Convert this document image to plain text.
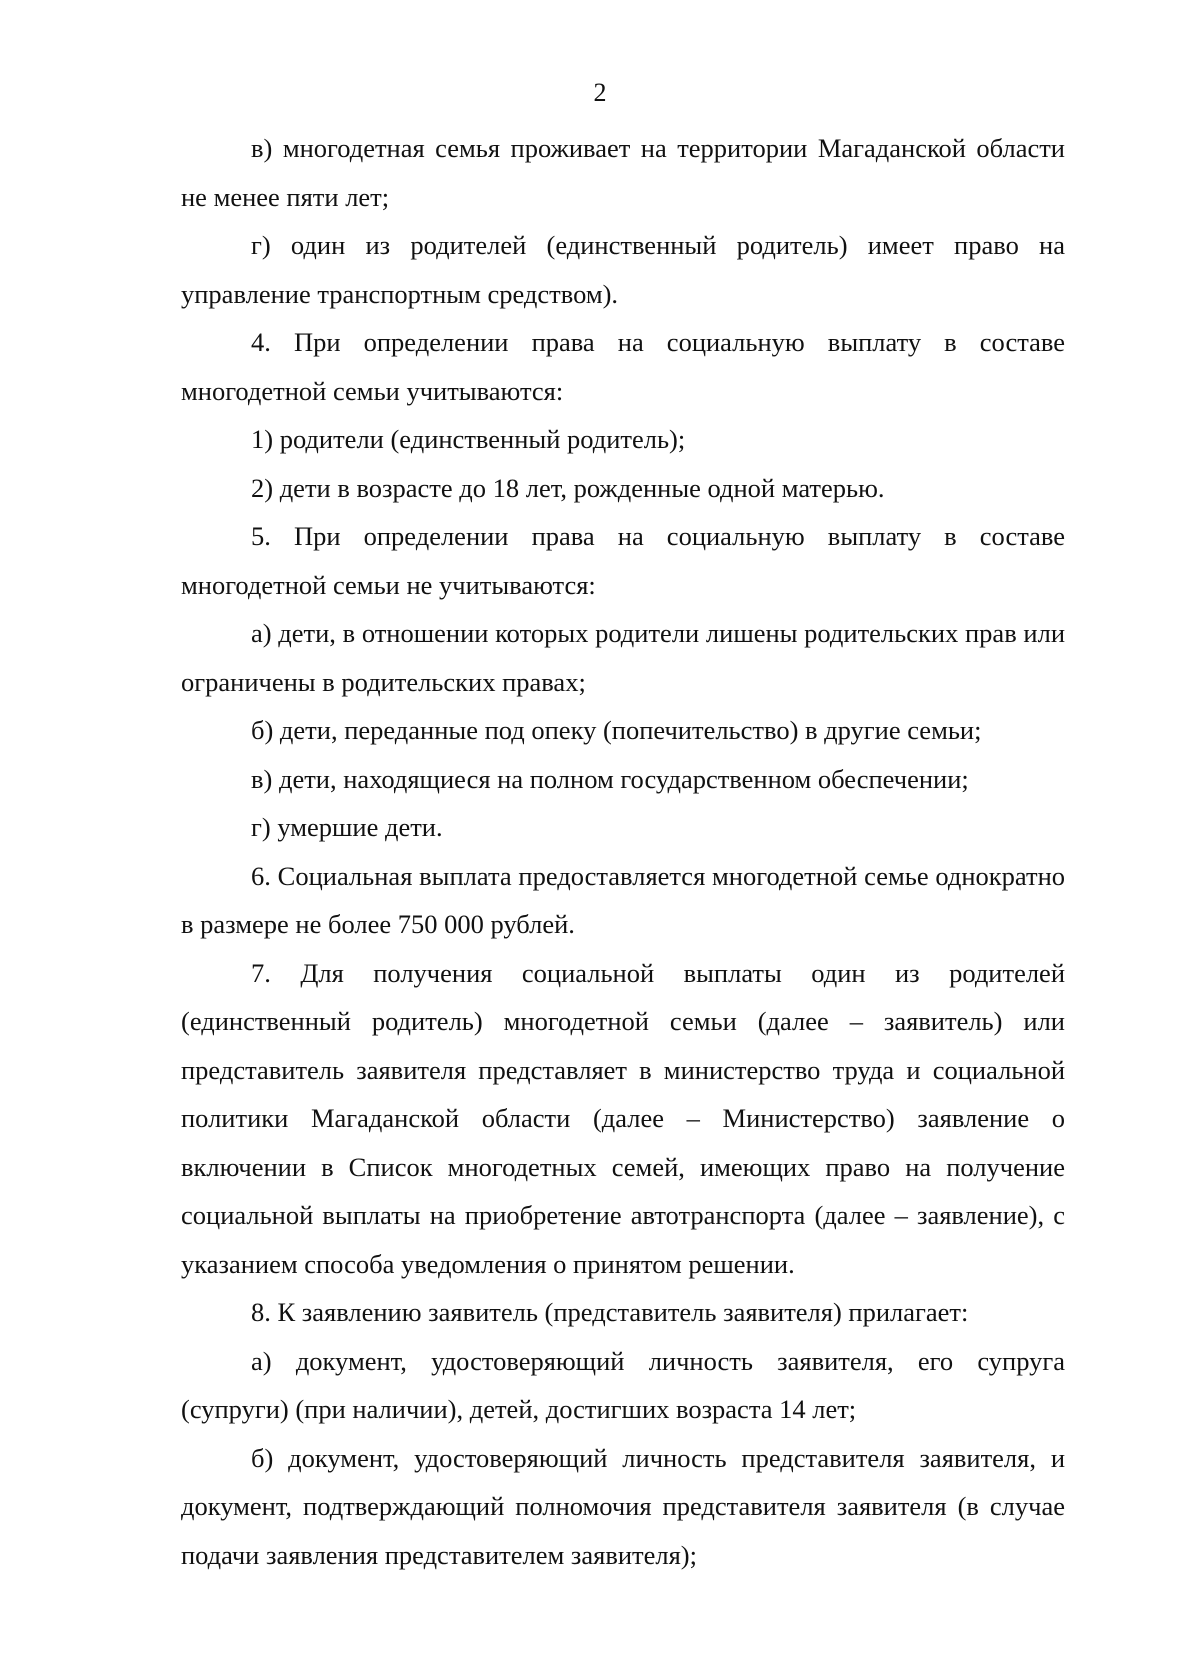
2

в) многодетная семья проживает на территории Магаданской области не менее пяти лет;

г) один из родителей (единственный родитель) имеет право на управление транспортным средством).

4. При определении права на социальную выплату в составе многодетной семьи учитываются:

1) родители (единственный родитель);

2) дети в возрасте до 18 лет, рожденные одной матерью.

5. При определении права на социальную выплату в составе многодетной семьи не учитываются:

а) дети, в отношении которых родители лишены родительских прав или ограничены в родительских правах;

б) дети, переданные под опеку (попечительство) в другие семьи;

в) дети, находящиеся на полном государственном обеспечении;

г) умершие дети.

6. Социальная выплата предоставляется многодетной семье однократно в размере не более 750 000 рублей.

7. Для получения социальной выплаты один из родителей (единственный родитель) многодетной семьи (далее – заявитель) или представитель заявителя представляет в министерство труда и социальной политики Магаданской области (далее – Министерство) заявление о включении в Список многодетных семей, имеющих право на получение социальной выплаты на приобретение автотранспорта (далее – заявление), с указанием способа уведомления о принятом решении.

8. К заявлению заявитель (представитель заявителя) прилагает:

а) документ, удостоверяющий личность заявителя, его супруга (супруги) (при наличии), детей, достигших возраста 14 лет;

б) документ, удостоверяющий личность представителя заявителя, и документ, подтверждающий полномочия представителя заявителя (в случае подачи заявления представителем заявителя);
